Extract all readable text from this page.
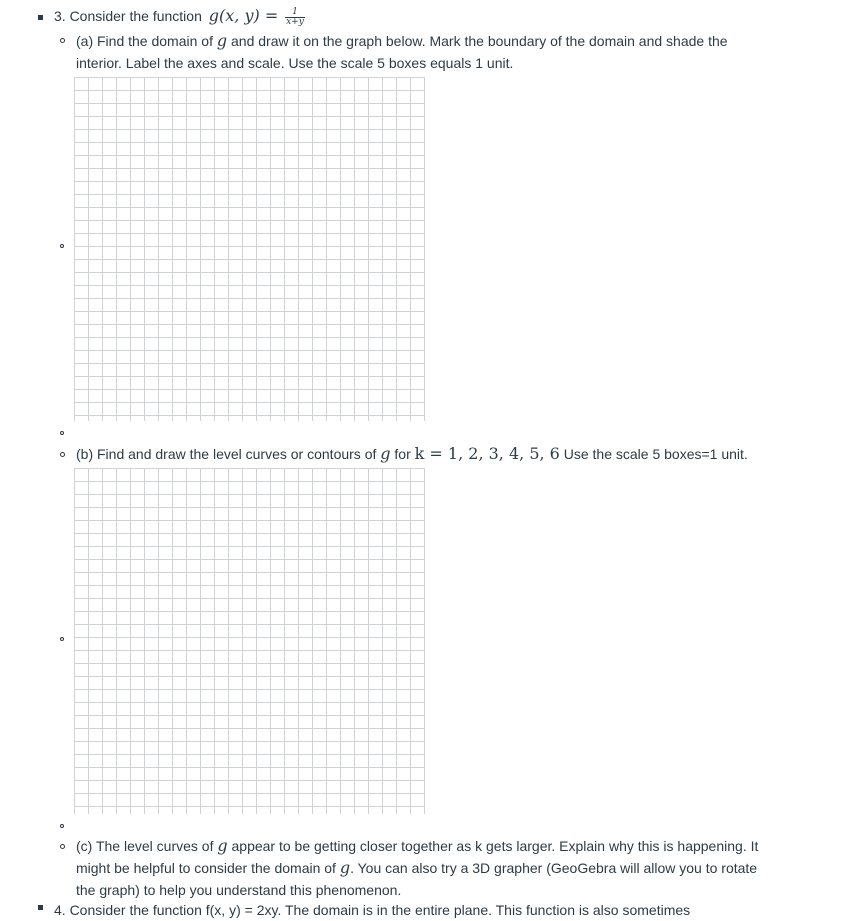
3. Consider the function g(x, $y) = \frac{1}{x+y}$
(a) Find the domain of g and draw it on the graph below. Mark the boundary of the domain and shade the
interior. Label the axes and scale. Use the scale 5 boxes equals 1 unit.
(b) Find and draw the level curves or contours of g for k = 1, 2, 3, 4, 5, 6 Use the scale 5 boxes=1 unit.
(c) The level curves of g appear to be getting closer together as k gets larger. Explain why this is happening. It
might be helpful to consider the domain of g. You can also try a 3D grapher (GeoGebra will allow you to rotate
the graph) to help you understand this phenomenon.
4. Consider the function f(x, y) = 2xy. The domain is in the entire plane. This function is also sometimes
